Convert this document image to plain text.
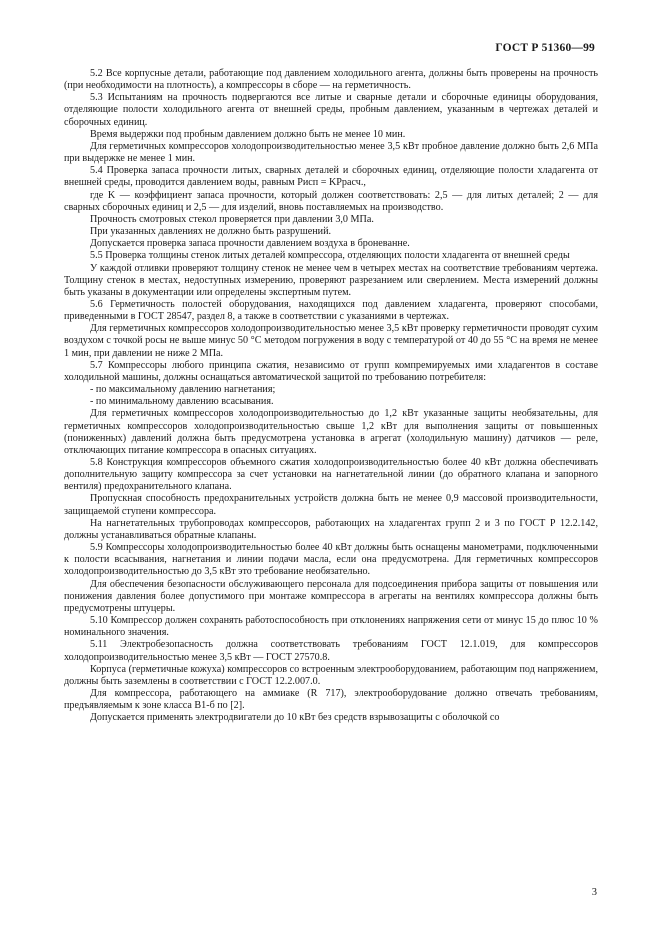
ГОСТ Р 51360—99

5.2 Все корпусные детали, работающие под давлением холодильного агента, должны быть проверены на прочность (при необходимости на плотность), а компрессоры в сборе — на герметичность.

5.3 Испытаниям на прочность подвергаются все литые и сварные детали и сборочные единицы оборудования, отделяющие полости холодильного агента от внешней среды, пробным давлением, указанным в чертежах деталей и сборочных единиц.

Время выдержки под пробным давлением должно быть не менее 10 мин.

Для герметичных компрессоров холодопроизводительностью менее 3,5 кВт пробное давление должно быть 2,6 МПа при выдержке не менее 1 мин.

5.4 Проверка запаса прочности литых, сварных деталей и сборочных единиц, отделяющие полости хладагента от внешней среды, проводится давлением воды, равным Pисп = KPрасч.,

где K — коэффициент запаса прочности, который должен соответствовать: 2,5 — для литых деталей; 2 — для сварных сборочных единиц и 2,5 — для изделий, вновь поставляемых на производство.

Прочность смотровых стекол проверяется при давлении 3,0 МПа.

При указанных давлениях не должно быть разрушений.

Допускается проверка запаса прочности давлением воздуха в броневанне.

5.5 Проверка толщины стенок литых деталей компрессора, отделяющих полости хладагента от внешней среды

У каждой отливки проверяют толщину стенок не менее чем в четырех местах на соответствие требованиям чертежа. Толщину стенок в местах, недоступных измерению, проверяют разрезанием или сверлением. Места измерений должны быть указаны в документации или определены экспертным путем.

5.6 Герметичность полостей оборудования, находящихся под давлением хладагента, проверяют способами, приведенными в ГОСТ 28547, раздел 8, а также в соответствии с указаниями в чертежах.

Для герметичных компрессоров холодопроизводительностью менее 3,5 кВт проверку герметичности проводят сухим воздухом с точкой росы не выше минус 50 °С методом погружения в воду с температурой от 40 до 55 °С на время не менее 1 мин, при давлении не ниже 2 МПа.

5.7 Компрессоры любого принципа сжатия, независимо от групп компремируемых ими хладагентов в составе холодильной машины, должны оснащаться автоматической защитой по требованию потребителя:

- по максимальному давлению нагнетания;

- по минимальному давлению всасывания.

Для герметичных компрессоров холодопроизводительностью до 1,2 кВт указанные защиты необязательны, для герметичных компрессоров холодопроизводительностью свыше 1,2 кВт для выполнения защиты от повышенных (пониженных) давлений должна быть предусмотрена установка в агрегат (холодильную машину) датчиков — реле, отключающих питание компрессора в опасных ситуациях.

5.8 Конструкция компрессоров объемного сжатия холодопроизводительностью более 40 кВт должна обеспечивать дополнительную защиту компрессора за счет установки на нагнетательной линии (до обратного клапана и запорного вентиля) предохранительного клапана.

Пропускная способность предохранительных устройств должна быть не менее 0,9 массовой производительности, защищаемой ступени компрессора.

На нагнетательных трубопроводах компрессоров, работающих на хладагентах групп 2 и 3 по ГОСТ Р 12.2.142, должны устанавливаться обратные клапаны.

5.9 Компрессоры холодопроизводительностью более 40 кВт должны быть оснащены манометрами, подключенными к полости всасывания, нагнетания и линии подачи масла, если она предусмотрена. Для герметичных компрессоров холодопроизводительностью до 3,5 кВт это требование необязательно.

Для обеспечения безопасности обслуживающего персонала для подсоединения прибора защиты от повышения или понижения давления более допустимого при монтаже компрессора в агрегаты на вентилях компрессора должны быть предусмотрены штуцеры.

5.10 Компрессор должен сохранять работоспособность при отклонениях напряжения сети от минус 15 до плюс 10 % номинального значения.

5.11 Электробезопасность должна соответствовать требованиям ГОСТ 12.1.019, для компрессоров холодопроизводительностью менее 3,5 кВт — ГОСТ 27570.8.

Корпуса (герметичные кожуха) компрессоров со встроенным электрооборудованием, работающим под напряжением, должны быть заземлены в соответствии с ГОСТ 12.2.007.0.

Для компрессора, работающего на аммиаке (R 717), электрооборудование должно отвечать требованиям, предъявляемым к зоне класса В1-б по [2].

Допускается применять электродвигатели до 10 кВт без средств взрывозащиты с оболочкой со

3
